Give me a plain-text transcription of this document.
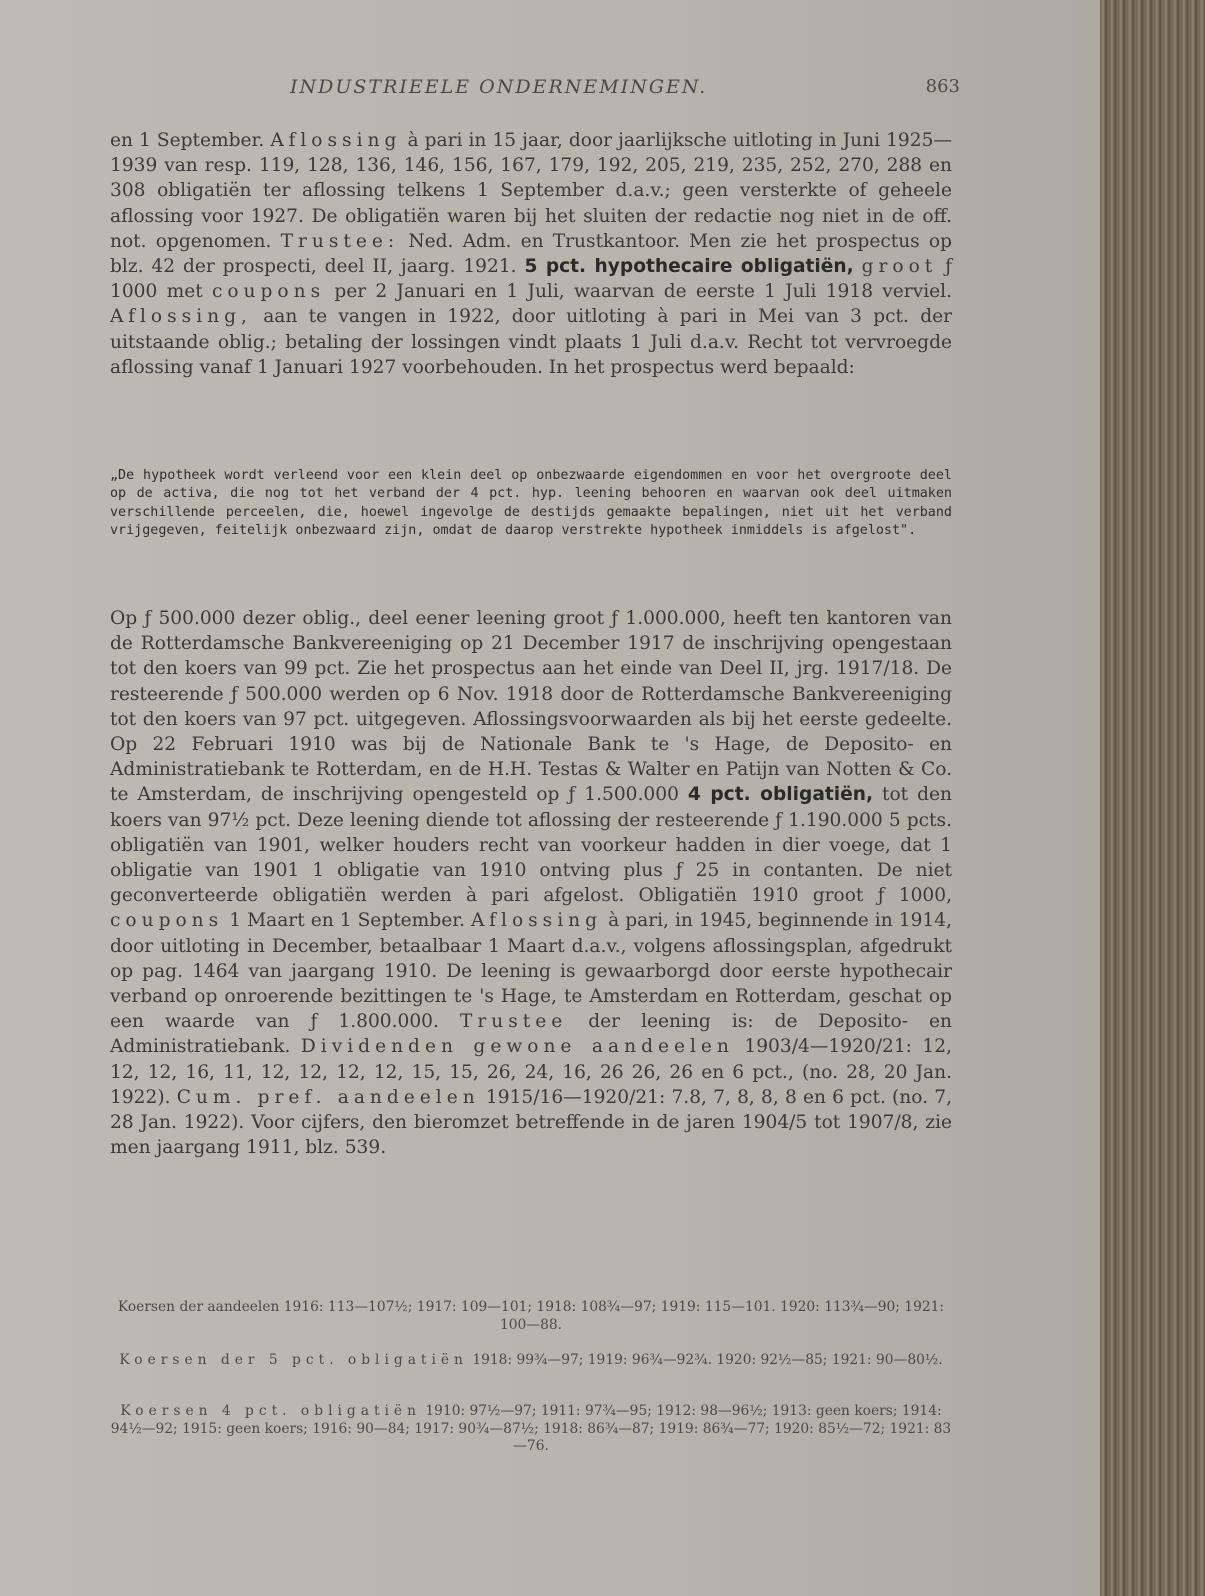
INDUSTRIEELE ONDERNEMINGEN.	863
en 1 September. Aflossing à pari in 15 jaar, door jaarlijksche uitloting in Juni 1925—1939 van resp. 119, 128, 136, 146, 156, 167, 179, 192, 205, 219, 235, 252, 270, 288 en 308 obligatiën ter aflossing telkens 1 September d.a.v.; geen versterkte of geheele aflossing voor 1927. De obligatiën waren bij het sluiten der redactie nog niet in de off. not. opgenomen. Trustee: Ned. Adm. en Trustkantoor. Men zie het prospectus op blz. 42 der prospecti, deel II, jaarg. 1921. 5 pct. hypothecaire obligatiën, groot ƒ 1000 met coupons per 2 Januari en 1 Juli, waarvan de eerste 1 Juli 1918 verviel. Aflossing, aan te vangen in 1922, door uitloting à pari in Mei van 3 pct. der uitstaande oblig.; betaling der lossingen vindt plaats 1 Juli d.a.v. Recht tot vervroegde aflossing vanaf 1 Januari 1927 voorbehouden. In het prospectus werd bepaald:
„De hypotheek wordt verleend voor een klein deel op onbezwaarde eigendommen en voor het overgroote deel op de activa, die nog tot het verband der 4 pct. hyp. leening behooren en waarvan ook deel uitmaken verschillende perceelen, die, hoewel ingevolge de destijds gemaakte bepalingen, niet uit het verband vrijgegeven, feitelijk onbezwaard zijn, omdat de daarop verstrekte hypotheek inmiddels is afgelost".
Op ƒ 500.000 dezer oblig., deel eener leening groot ƒ 1.000.000, heeft ten kantoren van de Rotterdamsche Bankvereeniging op 21 December 1917 de inschrijving opengestaan tot den koers van 99 pct. Zie het prospectus aan het einde van Deel II, jrg. 1917/18. De resteerende ƒ 500.000 werden op 6 Nov. 1918 door de Rotterdamsche Bankvereeniging tot den koers van 97 pct. uitgegeven. Aflossingsvoorwaarden als bij het eerste gedeelte. Op 22 Februari 1910 was bij de Nationale Bank te 's Hage, de Deposito- en Administratiebank te Rotterdam, en de H.H. Testas & Walter en Patijn van Notten & Co. te Amsterdam, de inschrijving opengesteld op ƒ 1.500.000 4 pct. obligatiën, tot den koers van 97½ pct. Deze leening diende tot aflossing der resteerende ƒ 1.190.000 5 pcts. obligatiën van 1901, welker houders recht van voorkeur hadden in dier voege, dat 1 obligatie van 1901 1 obligatie van 1910 ontving plus ƒ 25 in contanten. De niet geconverteerde obligatiën werden à pari afgelost. Obligatiën 1910 groot ƒ 1000, coupons 1 Maart en 1 September. Aflossing à pari, in 1945, beginnende in 1914, door uitloting in December, betaalbaar 1 Maart d.a.v., volgens aflossingsplan, afgedrukt op pag. 1464 van jaargang 1910. De leening is gewaarborgd door eerste hypothecair verband op onroerende bezittingen te 's Hage, te Amsterdam en Rotterdam, geschat op een waarde van ƒ 1.800.000. Trustee der leening is: de Deposito- en Administratiebank. Dividenden gewone aandeelen 1903/4—1920/21: 12, 12, 12, 16, 11, 12, 12, 12, 12, 15, 15, 26, 24, 16, 26 26, 26 en 6 pct., (no. 28, 20 Jan. 1922). Cum. pref. aandeelen 1915/16—1920/21: 7.8, 7, 8, 8, 8 en 6 pct. (no. 7, 28 Jan. 1922). Voor cijfers, den bieromzet betreffende in de jaren 1904/5 tot 1907/8, zie men jaargang 1911, blz. 539.
Koersen der aandeelen 1916: 113—107½; 1917: 109—101; 1918: 108¾—97; 1919: 115—101. 1920: 113¾—90; 1921: 100—88.
Koersen der 5 pct. obligatiën 1918: 99¾—97; 1919: 96¾—92¾. 1920: 92½—85; 1921: 90—80½.
Koersen 4 pct. obligatiën 1910: 97½—97; 1911: 97¾—95; 1912: 98—96½; 1913: geen koers; 1914: 94½—92; 1915: geen koers; 1916: 90—84; 1917: 90¾—87½; 1918: 86¾—87; 1919: 86¾—77; 1920: 85½—72; 1921: 83—76.
